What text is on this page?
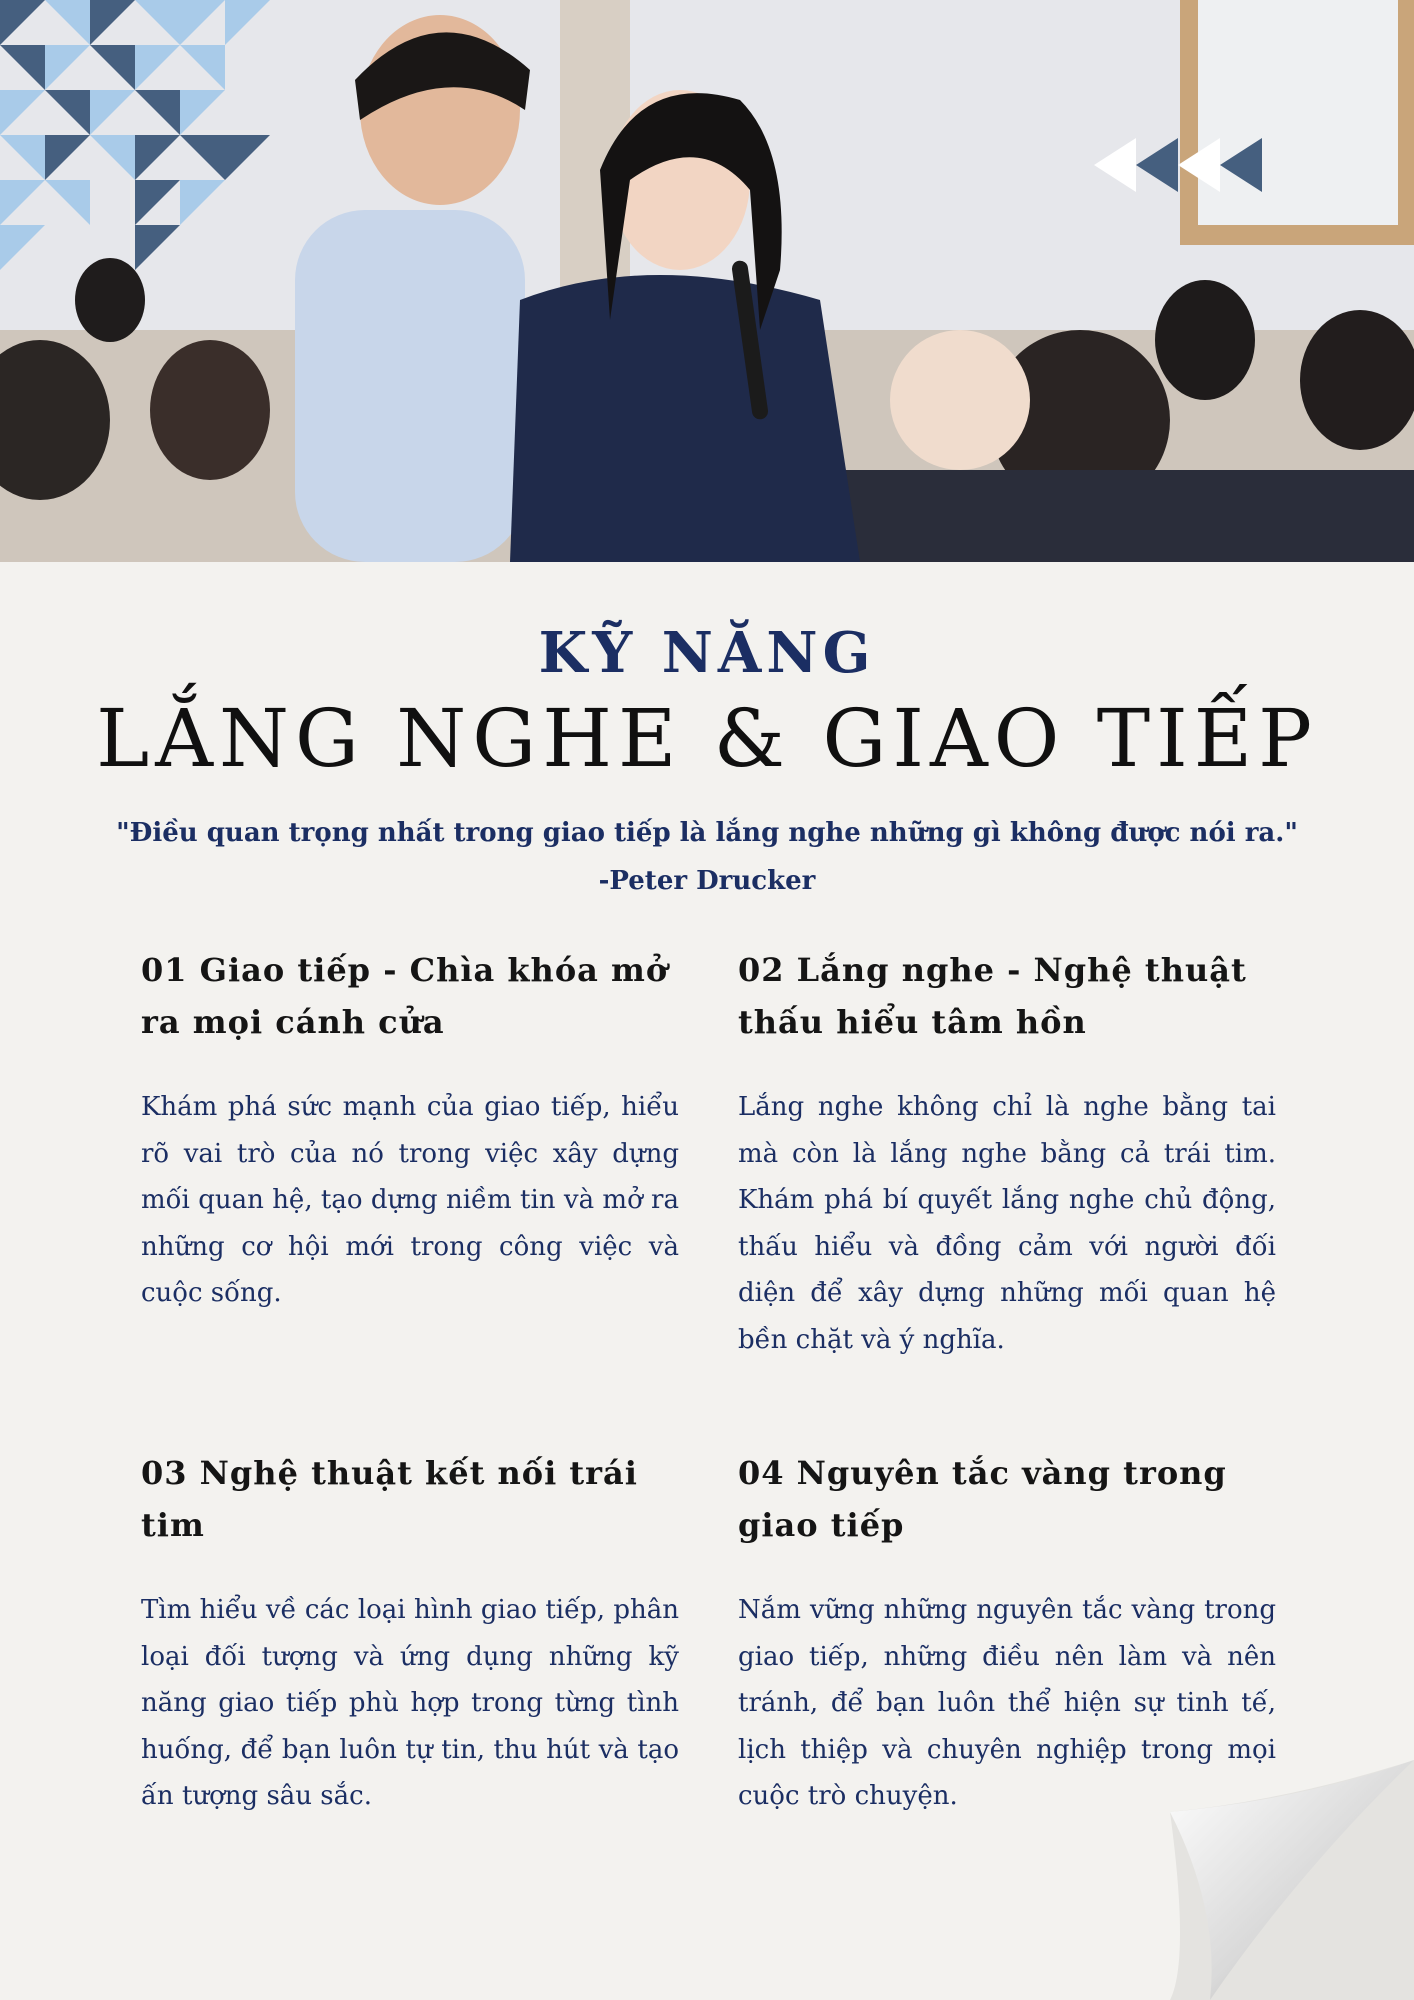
KỸ NĂNG
LẮNG NGHE & GIAO TIẾP
"Điều quan trọng nhất trong giao tiếp là lắng nghe những gì không được nói ra."
-Peter Drucker
01 Giao tiếp - Chìa khóa mở ra mọi cánh cửa

Khám phá sức mạnh của giao tiếp, hiểu rõ vai trò của nó trong việc xây dựng mối quan hệ, tạo dựng niềm tin và mở ra những cơ hội mới trong công việc và cuộc sống.

02 Lắng nghe - Nghệ thuật thấu hiểu tâm hồn

Lắng nghe không chỉ là nghe bằng tai mà còn là lắng nghe bằng cả trái tim. Khám phá bí quyết lắng nghe chủ động, thấu hiểu và đồng cảm với người đối diện để xây dựng những mối quan hệ bền chặt và ý nghĩa.

03 Nghệ thuật kết nối trái tim

Tìm hiểu về các loại hình giao tiếp, phân loại đối tượng và ứng dụng những kỹ năng giao tiếp phù hợp trong từng tình huống, để bạn luôn tự tin, thu hút và tạo ấn tượng sâu sắc.

04 Nguyên tắc vàng trong giao tiếp

Nắm vững những nguyên tắc vàng trong giao tiếp, những điều nên làm và nên tránh, để bạn luôn thể hiện sự tinh tế, lịch thiệp và chuyên nghiệp trong mọi cuộc trò chuyện.
